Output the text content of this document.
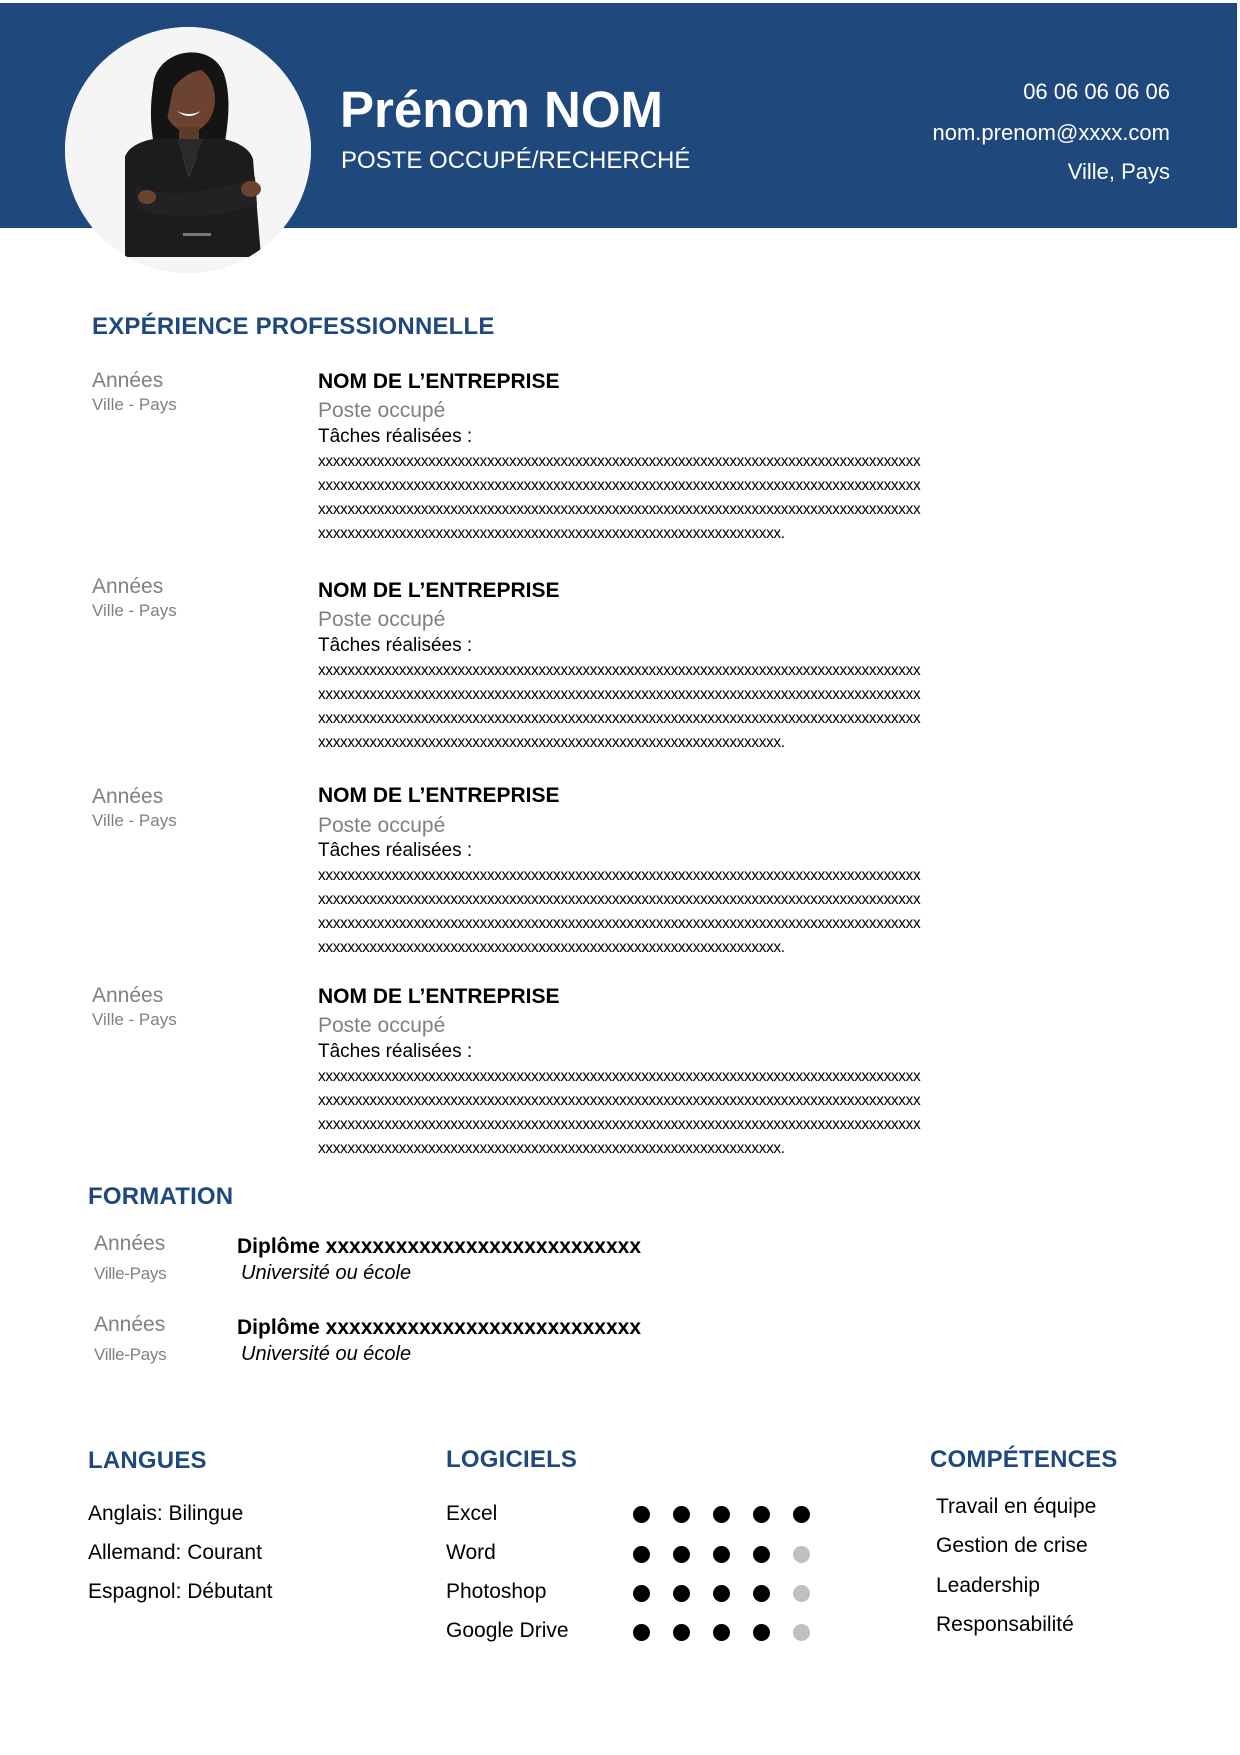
Prénom NOM
POSTE OCCUPÉ/RECHERCHÉ
06 06 06 06 06
nom.prenom@xxxx.com
Ville, Pays
EXPÉRIENCE PROFESSIONNELLE
Années
Ville - Pays
NOM DE L’ENTREPRISE
Poste occupé
Tâches réalisées :
xxxxxxxxxxxxxxxxxxxxxxxxxxxxxxxxxxxxxxxxxxxxxxxxxxxxxxxxxxxxxxxxxxxxxxxxxxxxxxxxxx
xxxxxxxxxxxxxxxxxxxxxxxxxxxxxxxxxxxxxxxxxxxxxxxxxxxxxxxxxxxxxxxxxxxxxxxxxxxxxxxxxx
xxxxxxxxxxxxxxxxxxxxxxxxxxxxxxxxxxxxxxxxxxxxxxxxxxxxxxxxxxxxxxxxxxxxxxxxxxxxxxxxxx
xxxxxxxxxxxxxxxxxxxxxxxxxxxxxxxxxxxxxxxxxxxxxxxxxxxxxxxxxxxxxxx.
Années
Ville - Pays
NOM DE L’ENTREPRISE
Poste occupé
Tâches réalisées :
xxxxxxxxxxxxxxxxxxxxxxxxxxxxxxxxxxxxxxxxxxxxxxxxxxxxxxxxxxxxxxxxxxxxxxxxxxxxxxxxxx
xxxxxxxxxxxxxxxxxxxxxxxxxxxxxxxxxxxxxxxxxxxxxxxxxxxxxxxxxxxxxxxxxxxxxxxxxxxxxxxxxx
xxxxxxxxxxxxxxxxxxxxxxxxxxxxxxxxxxxxxxxxxxxxxxxxxxxxxxxxxxxxxxxxxxxxxxxxxxxxxxxxxx
xxxxxxxxxxxxxxxxxxxxxxxxxxxxxxxxxxxxxxxxxxxxxxxxxxxxxxxxxxxxxxx.
Années
Ville - Pays
NOM DE L’ENTREPRISE
Poste occupé
Tâches réalisées :
xxxxxxxxxxxxxxxxxxxxxxxxxxxxxxxxxxxxxxxxxxxxxxxxxxxxxxxxxxxxxxxxxxxxxxxxxxxxxxxxxx
xxxxxxxxxxxxxxxxxxxxxxxxxxxxxxxxxxxxxxxxxxxxxxxxxxxxxxxxxxxxxxxxxxxxxxxxxxxxxxxxxx
xxxxxxxxxxxxxxxxxxxxxxxxxxxxxxxxxxxxxxxxxxxxxxxxxxxxxxxxxxxxxxxxxxxxxxxxxxxxxxxxxx
xxxxxxxxxxxxxxxxxxxxxxxxxxxxxxxxxxxxxxxxxxxxxxxxxxxxxxxxxxxxxxx.
Années
Ville - Pays
NOM DE L’ENTREPRISE
Poste occupé
Tâches réalisées :
xxxxxxxxxxxxxxxxxxxxxxxxxxxxxxxxxxxxxxxxxxxxxxxxxxxxxxxxxxxxxxxxxxxxxxxxxxxxxxxxxx
xxxxxxxxxxxxxxxxxxxxxxxxxxxxxxxxxxxxxxxxxxxxxxxxxxxxxxxxxxxxxxxxxxxxxxxxxxxxxxxxxx
xxxxxxxxxxxxxxxxxxxxxxxxxxxxxxxxxxxxxxxxxxxxxxxxxxxxxxxxxxxxxxxxxxxxxxxxxxxxxxxxxx
xxxxxxxxxxxxxxxxxxxxxxxxxxxxxxxxxxxxxxxxxxxxxxxxxxxxxxxxxxxxxxx.
FORMATION
Années
Ville-Pays
Diplôme xxxxxxxxxxxxxxxxxxxxxxxxxxx
Université ou école
Années
Ville-Pays
Diplôme xxxxxxxxxxxxxxxxxxxxxxxxxxx
Université ou école
LANGUES
Anglais: Bilingue
Allemand: Courant
Espagnol: Débutant
LOGICIELS
Excel
Word
Photoshop
Google Drive
COMPÉTENCES
Travail en équipe
Gestion de crise
Leadership
Responsabilité
